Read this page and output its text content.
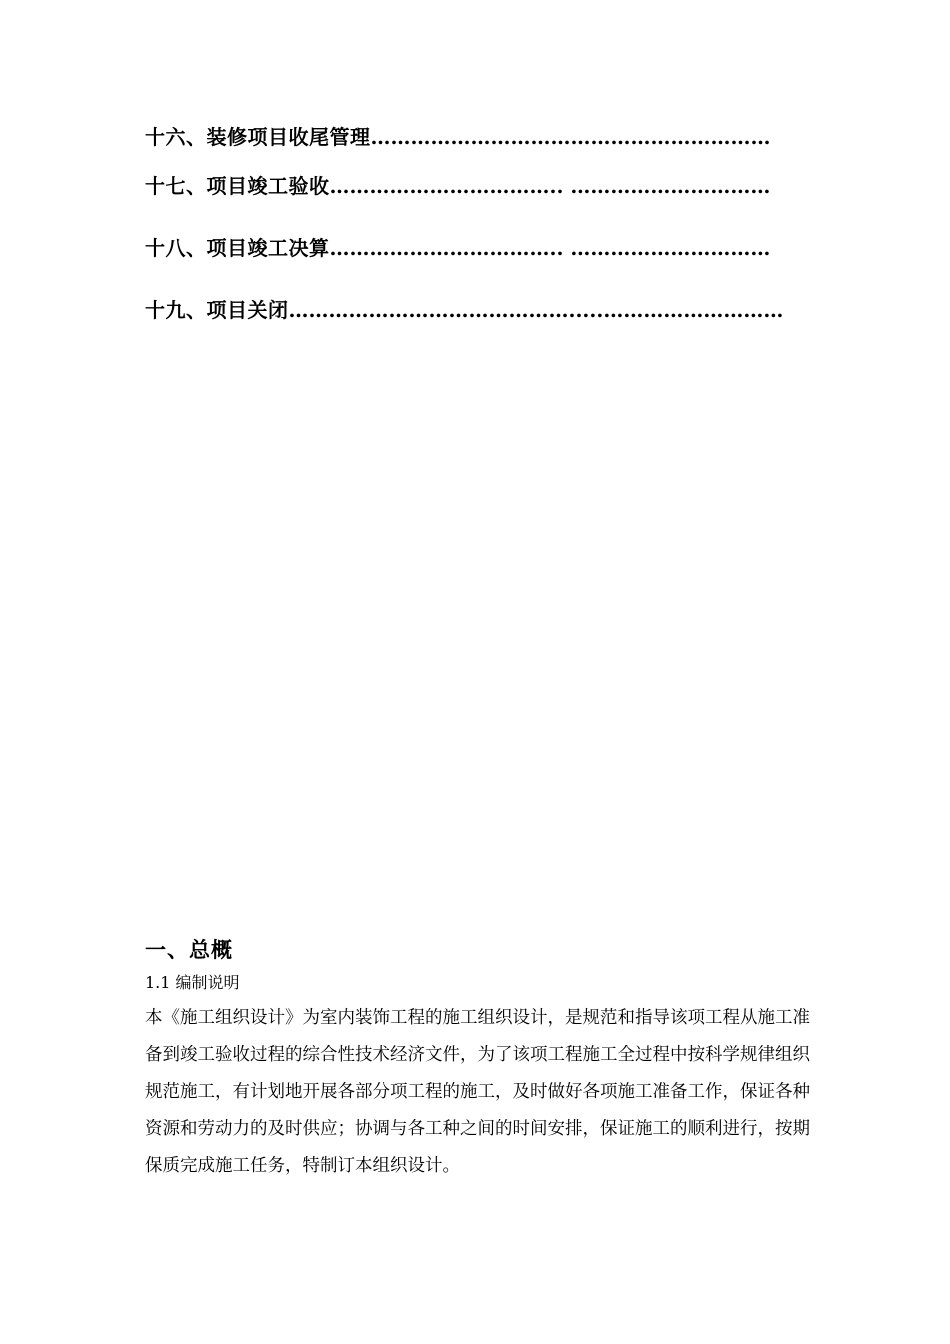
十六、装修项目收尾管理……………………………………………………
十七、项目竣工验收…………………………….. …………………………
十八、项目竣工决算…………………………….. …………………………
十九、项目关闭…………………………………….....………………………
一、总概
1.1 编制说明

本《施工组织设计》为室内装饰工程的施工组织设计，是规范和指导该项工程从施工准备到竣工验收过程的综合性技术经济文件，为了该项工程施工全过程中按科学规律组织规范施工，有计划地开展各部分项工程的施工，及时做好各项施工准备工作，保证各种资源和劳动力的及时供应；协调与各工种之间的时间安排，保证施工的顺利进行，按期保质完成施工任务，特制订本组织设计。
